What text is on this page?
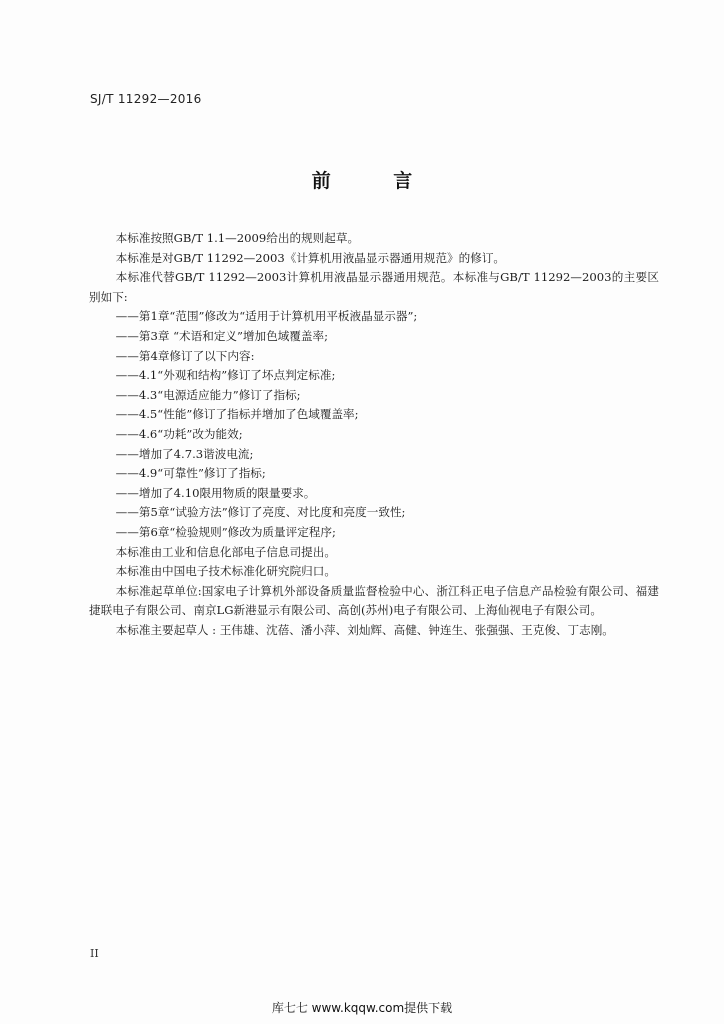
SJ/T 11292—2016
前 言

本标准按照GB/T 1.1—2009给出的规则起草。

本标准是对GB/T 11292—2003《计算机用液晶显示器通用规范》的修订。

本标准代替GB/T 11292—2003计算机用液晶显示器通用规范。本标准与GB/T 11292—2003的主要区别如下:

——第1章“范围”修改为“适用于计算机用平板液晶显示器”;

——第3章 “术语和定义”增加色域覆盖率;

——第4章修订了以下内容:

——4.1“外观和结构”修订了坏点判定标准;

——4.3“电源适应能力”修订了指标;

——4.5“性能”修订了指标并增加了色域覆盖率;

——4.6“功耗”改为能效;

——增加了4.7.3谐波电流;

——4.9“可靠性”修订了指标;

——增加了4.10限用物质的限量要求。

——第5章“试验方法”修订了亮度、对比度和亮度一致性;

——第6章“检验规则”修改为质量评定程序;

本标准由工业和信息化部电子信息司提出。

本标准由中国电子技术标准化研究院归口。

本标准起草单位:国家电子计算机外部设备质量监督检验中心、浙江科正电子信息产品检验有限公司、福建捷联电子有限公司、南京LG新港显示有限公司、高创(苏州)电子有限公司、上海仙视电子有限公司。

本标准主要起草人 : 王伟雄、沈蓓、潘小萍、刘灿辉、高健、钟连生、张强强、王克俊、丁志刚。

II
库七七 www.kqqw.com提供下载
